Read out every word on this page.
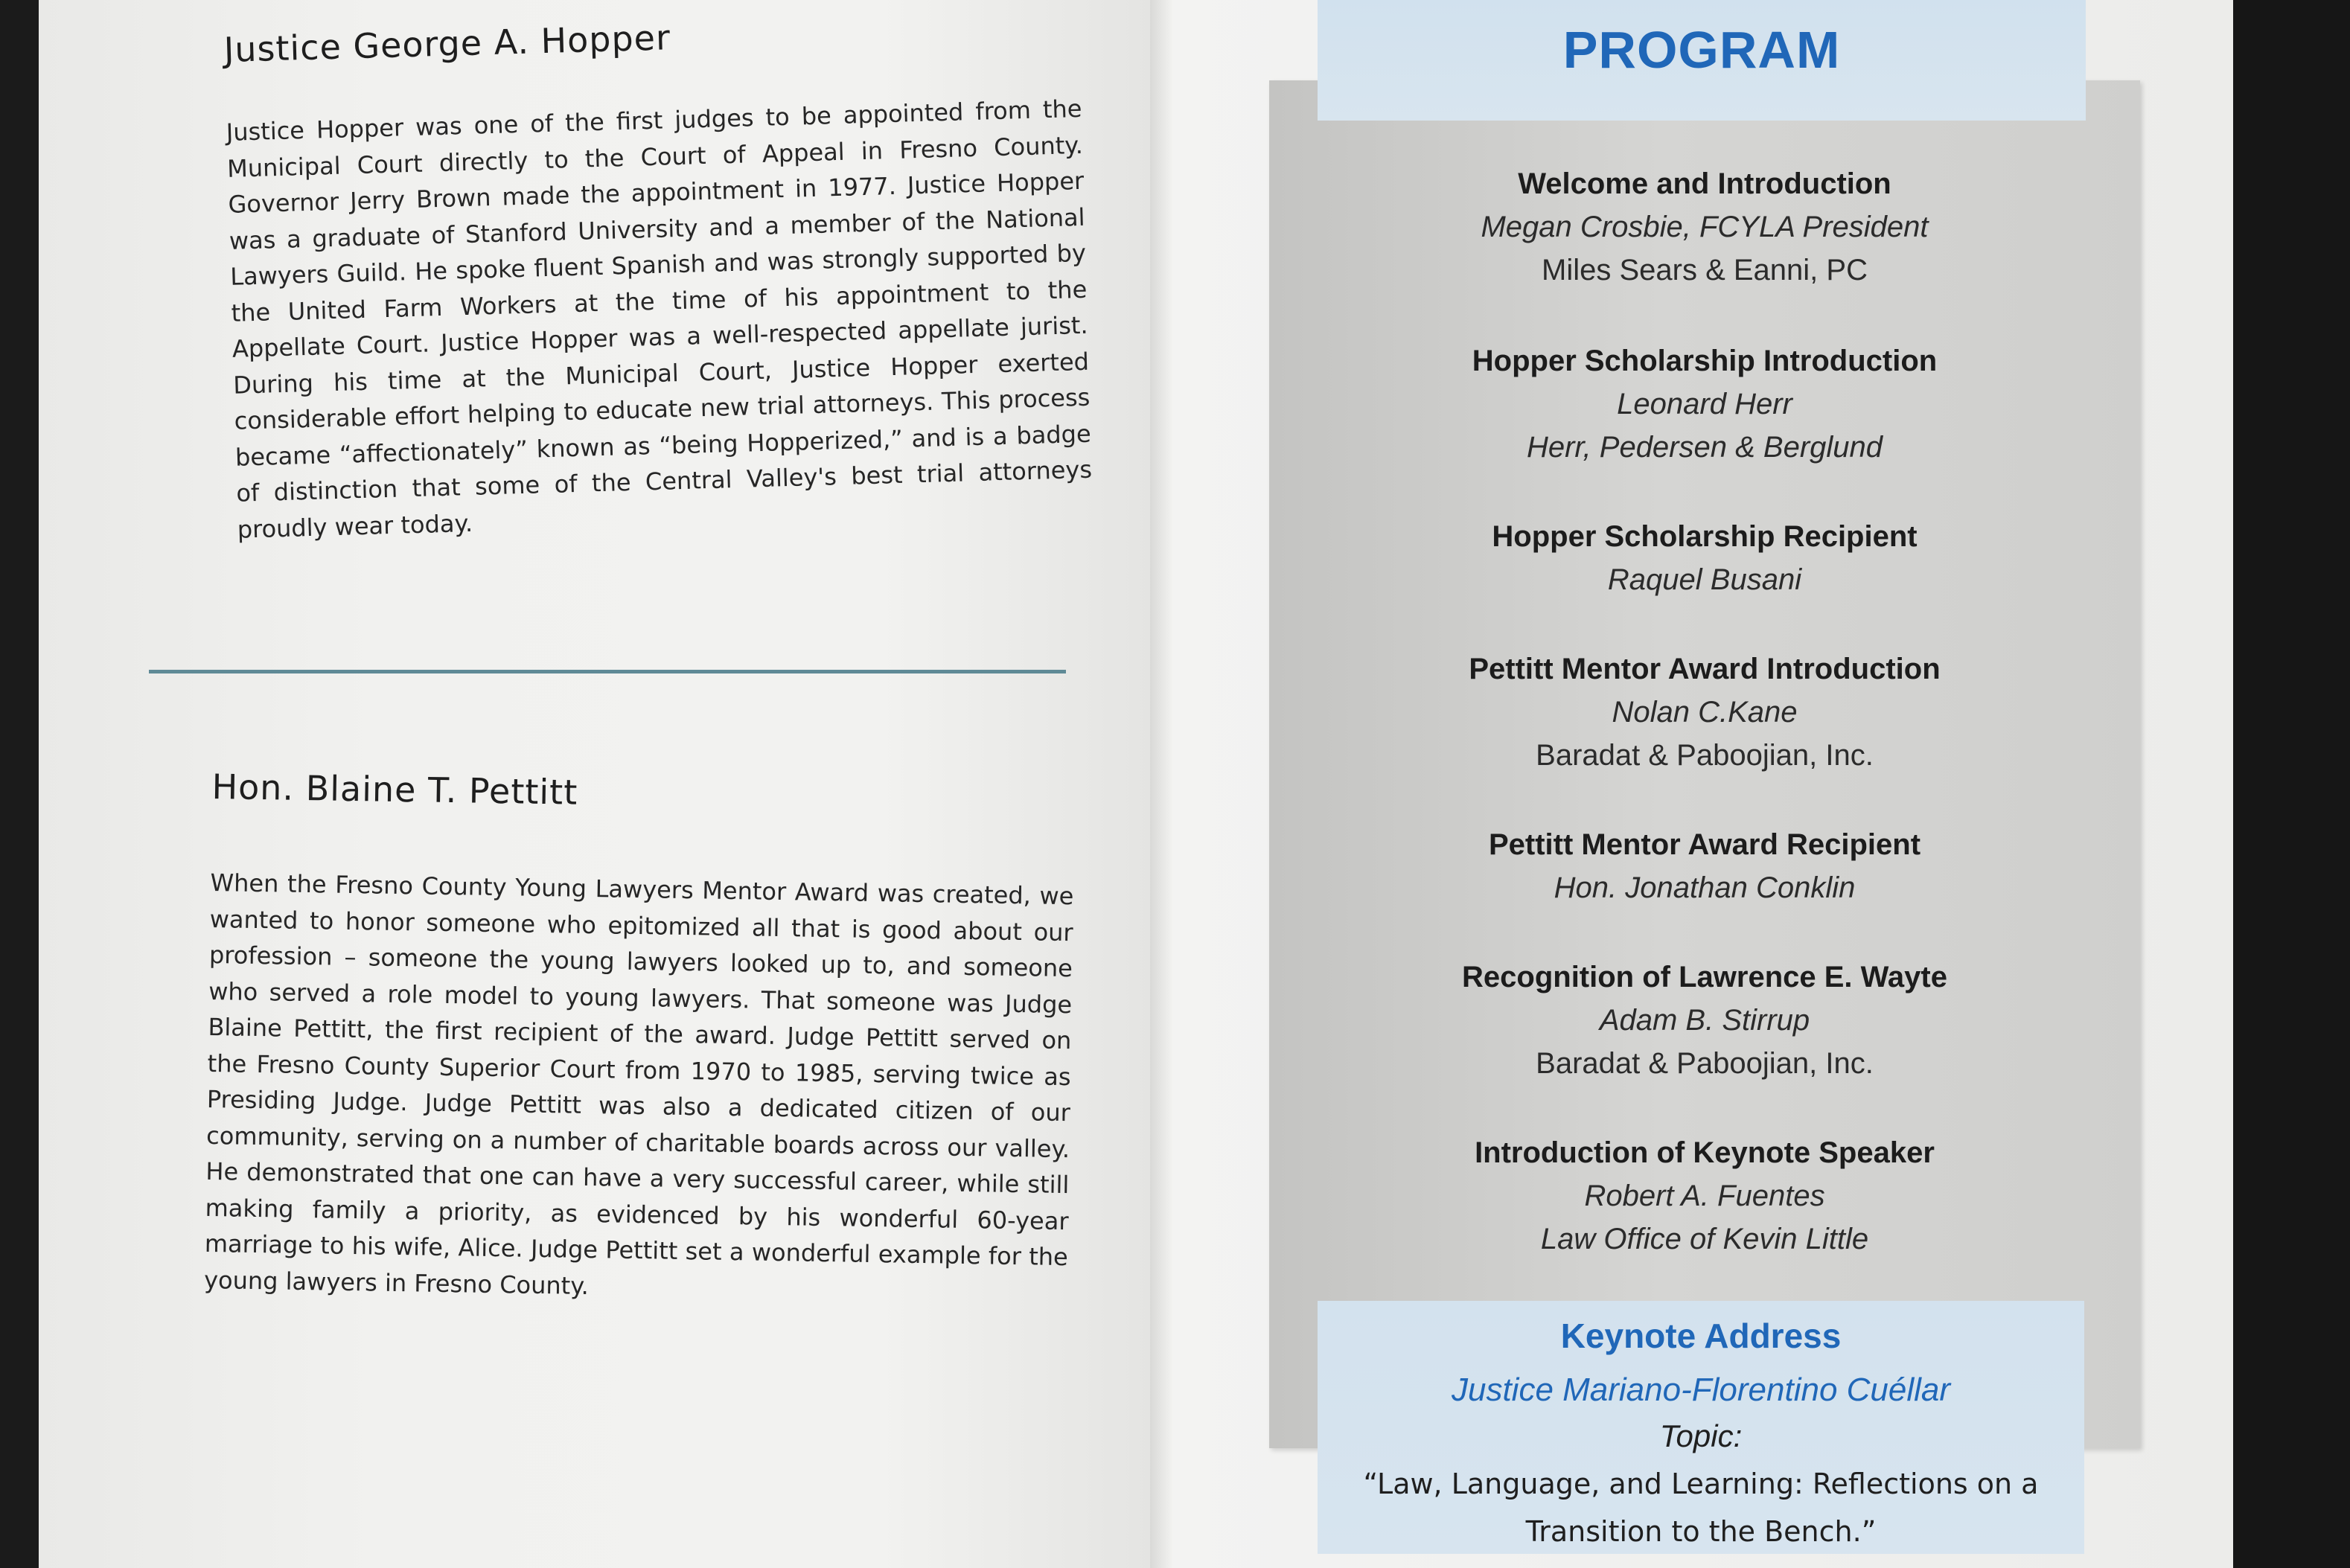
Justice George A. Hopper

Justice Hopper was one of the first judges to be appointed from the Municipal Court directly to the Court of Appeal in Fresno County. Governor Jerry Brown made the appointment in 1977. Justice Hopper was a graduate of Stanford University and a member of the National Lawyers Guild. He spoke fluent Spanish and was strongly supported by the United Farm Workers at the time of his appointment to the Appellate Court. Justice Hopper was a well-respected appellate jurist. During his time at the Municipal Court, Justice Hopper exerted considerable effort helping to educate new trial attorneys. This process became “affectionately” known as “being Hopperized,” and is a badge of distinction that some of the Central Valley's best trial attorneys proudly wear today.

Hon. Blaine T. Pettitt

When the Fresno County Young Lawyers Mentor Award was created, we wanted to honor someone who epitomized all that is good about our profession – someone the young lawyers looked up to, and someone who served a role model to young lawyers. That someone was Judge Blaine Pettitt, the first recipient of the award. Judge Pettitt served on the Fresno County Superior Court from 1970 to 1985, serving twice as Presiding Judge. Judge Pettitt was also a dedicated citizen of our community, serving on a number of charitable boards across our valley. He demonstrated that one can have a very successful career, while still making family a priority, as evidenced by his wonderful 60-year marriage to his wife, Alice. Judge Pettitt set a wonderful example for the young lawyers in Fresno County.

PROGRAM
Welcome and Introduction
Megan Crosbie, FCYLA President
Miles Sears & Eanni, PC
Hopper Scholarship Introduction
Leonard Herr
Herr, Pedersen & Berglund
Hopper Scholarship Recipient
Raquel Busani
Pettitt Mentor Award Introduction
Nolan C.Kane
Baradat & Paboojian, Inc.
Pettitt Mentor Award Recipient
Hon. Jonathan Conklin
Recognition of Lawrence E. Wayte
Adam B. Stirrup
Baradat & Paboojian, Inc.
Introduction of Keynote Speaker
Robert A. Fuentes
Law Office of Kevin Little
Keynote Address
Justice Mariano-Florentino Cuéllar
Topic:
“Law, Language, and Learning: Reflections on a Transition to the Bench.”
